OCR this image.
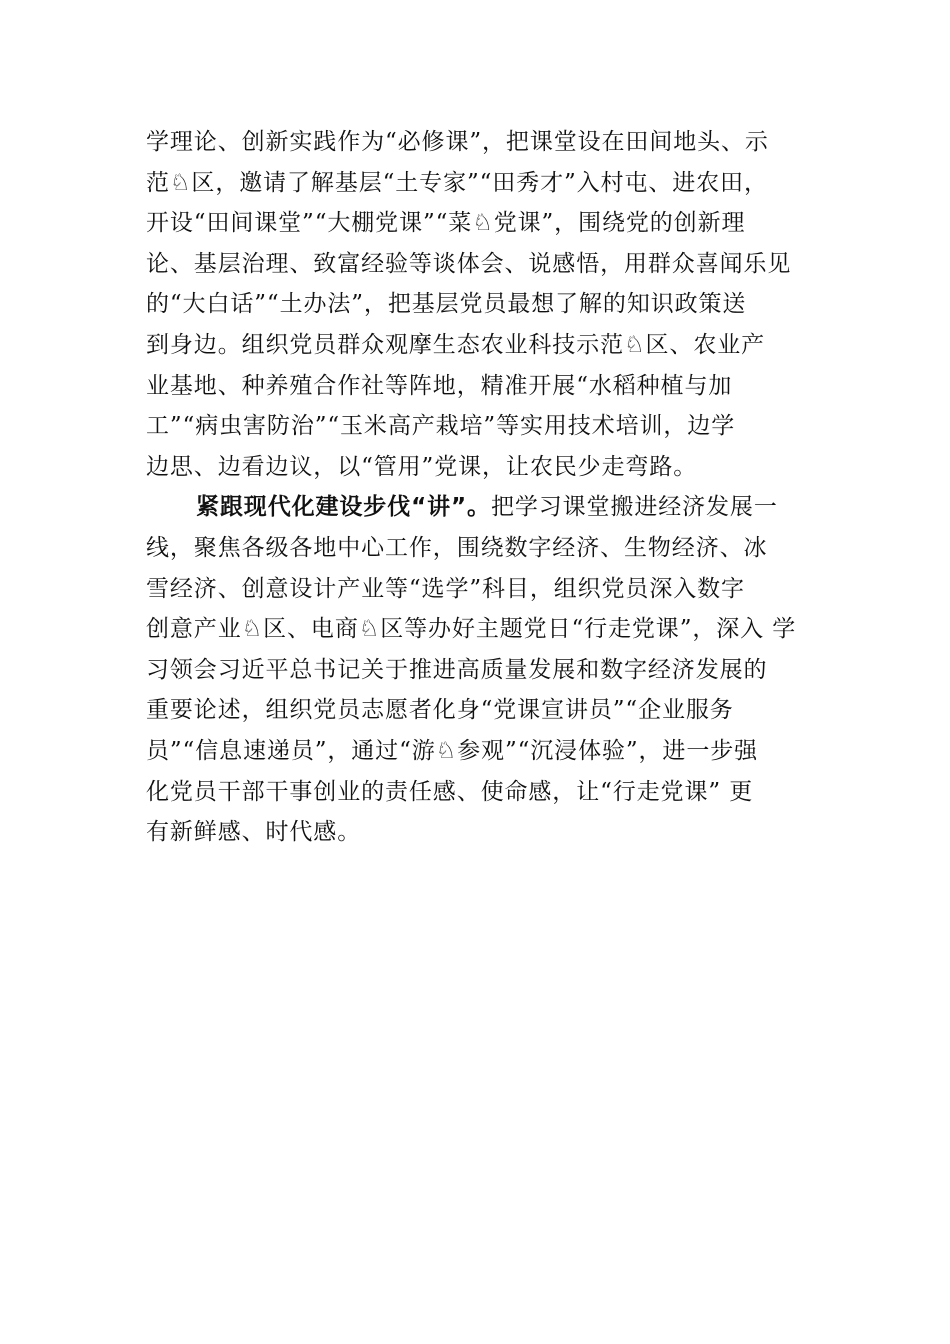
学理论、创新实践作为“必修课”，把课堂设在田间地头、示
范♘区，邀请了解基层“土专家”“田秀才”入村屯、进农田，
开设“田间课堂”“大棚党课”“菜♘党课”，围绕党的创新理
论、基层治理、致富经验等谈体会、说感悟，用群众喜闻乐见
的“大白话”“土办法”，把基层党员最想了解的知识政策送
到身边。组织党员群众观摩生态农业科技示范♘区、农业产
业基地、种养殖合作社等阵地，精准开展“水稻种植与加
工”“病虫害防治”“玉米高产栽培”等实用技术培训，边学
边思、边看边议，以“管用”党课，让农民少走弯路。
紧跟现代化建设步伐“讲”。把学习课堂搬进经济发展一
线，聚焦各级各地中心工作，围绕数字经济、生物经济、冰
雪经济、创意设计产业等“选学”科目，组织党员深入数字
创意产业♘区、电商♘区等办好主题党日“行走党课”，深入 学
习领会习近平总书记关于推进高质量发展和数字经济发展的
重要论述，组织党员志愿者化身“党课宣讲员”“企业服务
员”“信息速递员”，通过“游♘参观”“沉浸体验”，进一步强
化党员干部干事创业的责任感、使命感，让“行走党课” 更
有新鲜感、时代感。
